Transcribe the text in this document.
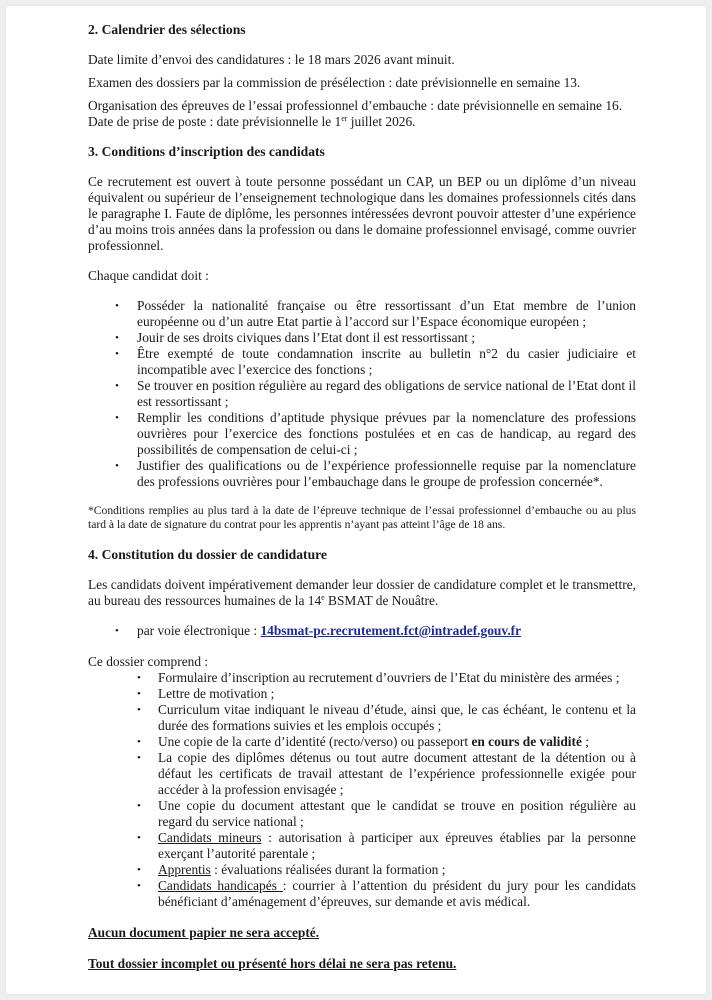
2. Calendrier des sélections

Date limite d’envoi des candidatures : le 18 mars 2026 avant minuit.

Examen des dossiers par la commission de présélection : date prévisionnelle en semaine 13.

Organisation des épreuves de l’essai professionnel d’embauche : date prévisionnelle en semaine 16.

Date de prise de poste : date prévisionnelle le 1er juillet 2026.

3. Conditions d’inscription des candidats

Ce recrutement est ouvert à toute personne possédant un CAP, un BEP ou un diplôme d’un niveau équivalent ou supérieur de l’enseignement technologique dans les domaines professionnels cités dans le paragraphe I. Faute de diplôme, les personnes intéressées devront pouvoir attester d’une expérience d’au moins trois années dans la profession ou dans le domaine professionnel envisagé, comme ouvrier professionnel.

Chaque candidat doit :

• Posséder la nationalité française ou être ressortissant d’un Etat membre de l’union européenne ou d’un autre Etat partie à l’accord sur l’Espace économique européen ;
• Jouir de ses droits civiques dans l’Etat dont il est ressortissant ;
• Être exempté de toute condamnation inscrite au bulletin n°2 du casier judiciaire et incompatible avec l’exercice des fonctions ;
• Se trouver en position régulière au regard des obligations de service national de l’Etat dont il est ressortissant ;
• Remplir les conditions d’aptitude physique prévues par la nomenclature des professions ouvrières pour l’exercice des fonctions postulées et en cas de handicap, au regard des possibilités de compensation de celui-ci ;
• Justifier des qualifications ou de l’expérience professionnelle requise par la nomenclature des professions ouvrières pour l’embauchage dans le groupe de profession concernée*.

*Conditions remplies au plus tard à la date de l’épreuve technique de l’essai professionnel d’embauche ou au plus tard à la date de signature du contrat pour les apprentis n’ayant pas atteint l’âge de 18 ans.

4. Constitution du dossier de candidature

Les candidats doivent impérativement demander leur dossier de candidature complet et le transmettre, au bureau des ressources humaines de la 14e BSMAT de Nouâtre.

• par voie électronique : 14bsmat-pc.recrutement.fct@intradef.gouv.fr

Ce dossier comprend :

• Formulaire d’inscription au recrutement d’ouvriers de l’Etat du ministère des armées ;
• Lettre de motivation ;
• Curriculum vitae indiquant le niveau d’étude, ainsi que, le cas échéant, le contenu et la durée des formations suivies et les emplois occupés ;
• Une copie de la carte d’identité (recto/verso) ou passeport en cours de validité ;
• La copie des diplômes détenus ou tout autre document attestant de la détention ou à défaut les certificats de travail attestant de l’expérience professionnelle exigée pour accéder à la profession envisagée ;
• Une copie du document attestant que le candidat se trouve en position régulière au regard du service national ;
• Candidats mineurs : autorisation à participer aux épreuves établies par la personne exerçant l’autorité parentale ;
• Apprentis : évaluations réalisées durant la formation ;
• Candidats handicapés : courrier à l’attention du président du jury pour les candidats bénéficiant d’aménagement d’épreuves, sur demande et avis médical.

Aucun document papier ne sera accepté.

Tout dossier incomplet ou présenté hors délai ne sera pas retenu.
